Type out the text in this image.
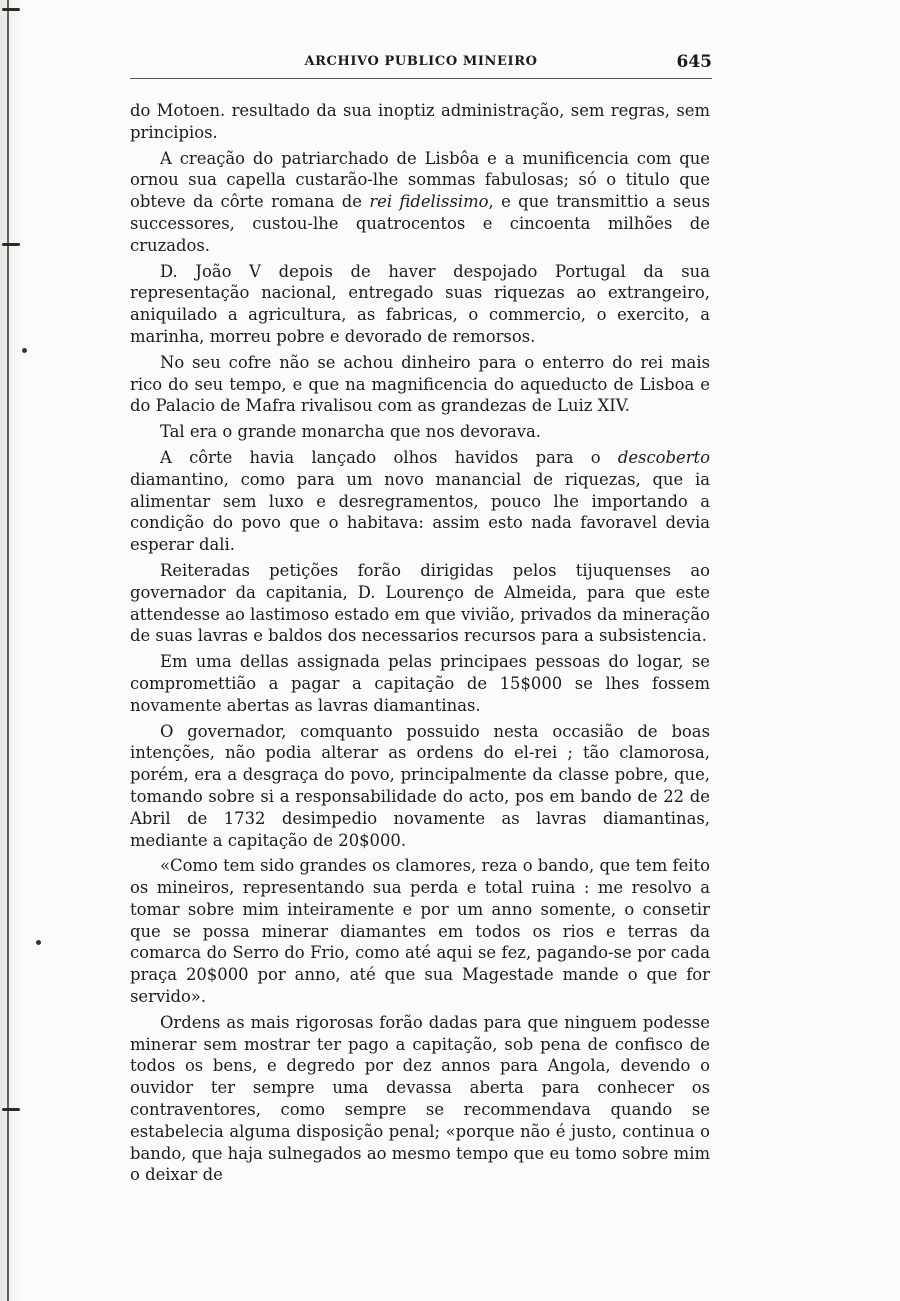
ARCHIVO PUBLICO MINEIRO	645

do Motoen. resultado da sua inoptiz administração, sem regras, sem principios.

A creação do patriarchado de Lisbôa e a munificencia com que ornou sua capella custarão-lhe sommas fabulosas; só o titulo que obteve da côrte romana de rei fidelissimo, e que transmittio a seus successores, custou-lhe quatrocentos e cincoenta milhões de cruzados.

D. João V depois de haver despojado Portugal da sua representação nacional, entregado suas riquezas ao extrangeiro, aniquilado a agricultura, as fabricas, o commercio, o exercito, a marinha, morreu pobre e devorado de remorsos.

No seu cofre não se achou dinheiro para o enterro do rei mais rico do seu tempo, e que na magnificencia do aqueducto de Lisboa e do Palacio de Mafra rivalisou com as grandezas de Luiz XIV.

Tal era o grande monarcha que nos devorava.

A côrte havia lançado olhos havidos para o descoberto diamantino, como para um novo manancial de riquezas, que ia alimentar sem luxo e desregramentos, pouco lhe importando a condição do povo que o habitava: assim esto nada favoravel devia esperar dali.

Reiteradas petições forão dirigidas pelos tijuquenses ao governador da capitania, D. Lourenço de Almeida, para que este attendesse ao lastimoso estado em que vivião, privados da mineração de suas lavras e baldos dos necessarios recursos para a subsistencia.

Em uma dellas assignada pelas principaes pessoas do logar, se compromettião a pagar a capitação de 15$000 se lhes fossem novamente abertas as lavras diamantinas.

O governador, comquanto possuido nesta occasião de boas intenções, não podia alterar as ordens do el-rei ; tão clamorosa, porém, era a desgraça do povo, principalmente da classe pobre, que, tomando sobre si a responsabilidade do acto, pos em bando de 22 de Abril de 1732 desimpedio novamente as lavras diamantinas, mediante a capitação de 20$000.

«Como tem sido grandes os clamores, reza o bando, que tem feito os mineiros, representando sua perda e total ruina : me resolvo a tomar sobre mim inteiramente e por um anno somente, o consetir que se possa minerar diamantes em todos os rios e terras da comarca do Serro do Frio, como até aqui se fez, pagando-se por cada praça 20$000 por anno, até que sua Magestade mande o que for servido».

Ordens as mais rigorosas forão dadas para que ninguem podesse minerar sem mostrar ter pago a capitação, sob pena de confisco de todos os bens, e degredo por dez annos para Angola, devendo o ouvidor ter sempre uma devassa aberta para conhecer os contraventores, como sempre se recommendava quando se estabelecia alguma disposição penal; «porque não é justo, continua o bando, que haja sulnegados ao mesmo tempo que eu tomo sobre mim o deixar de
